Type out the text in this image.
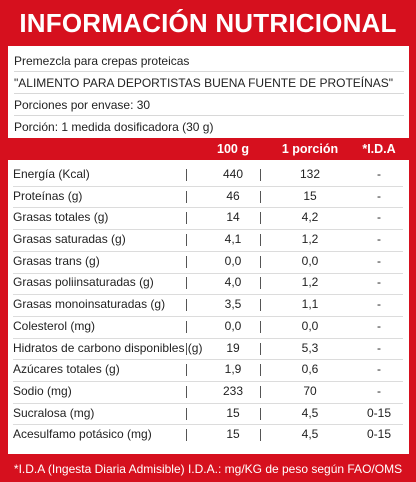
INFORMACIÓN NUTRICIONAL
Premezcla para crepas proteicas
"ALIMENTO PARA DEPORTISTAS BUENA FUENTE DE PROTEÍNAS"
Porciones por envase: 30
Porción: 1 medida dosificadora (30 g)
100 g	1 porción	*I.D.A
Energía (Kcal)	440	132	-
Proteínas (g)	46	15	-
Grasas totales (g)	14	4,2	-
Grasas saturadas (g)	4,1	1,2	-
Grasas trans (g)	0,0	0,0	-
Grasas poliinsaturadas (g)	4,0	1,2	-
Grasas monoinsaturadas (g)	3,5	1,1	-
Colesterol (mg)	0,0	0,0	-
Hidratos de carbono disponibles (g)	19	5,3	-
Azúcares totales (g)	1,9	0,6	-
Sodio (mg)	233	70	-
Sucralosa (mg)	15	4,5	0-15
Acesulfamo potásico (mg)	15	4,5	0-15
*I.D.A (Ingesta Diaria Admisible) I.D.A.: mg/KG de peso según FAO/OMS
